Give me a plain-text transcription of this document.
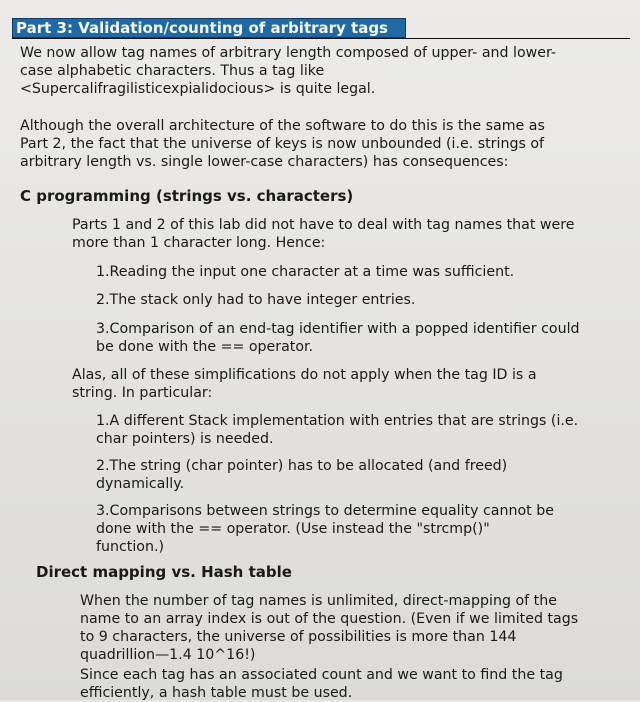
Part 3: Validation/counting of arbitrary tags
We now allow tag names of arbitrary length composed of upper- and lower-
case alphabetic characters. Thus a tag like
<Supercalifragilisticexpialidocious> is quite legal.
Although the overall architecture of the software to do this is the same as
Part 2, the fact that the universe of keys is now unbounded (i.e. strings of
arbitrary length vs. single lower-case characters) has consequences:
C programming (strings vs. characters)
Parts 1 and 2 of this lab did not have to deal with tag names that were
more than 1 character long. Hence:
1.Reading the input one character at a time was sufficient.
2.The stack only had to have integer entries.
3.Comparison of an end-tag identifier with a popped identifier could
be done with the == operator.
Alas, all of these simplifications do not apply when the tag ID is a
string. In particular:
1.A different Stack implementation with entries that are strings (i.e.
char pointers) is needed.
2.The string (char pointer) has to be allocated (and freed)
dynamically.
3.Comparisons between strings to determine equality cannot be
done with the == operator. (Use instead the "strcmp()"
function.)
Direct mapping vs. Hash table
When the number of tag names is unlimited, direct-mapping of the
name to an array index is out of the question. (Even if we limited tags
to 9 characters, the universe of possibilities is more than 144
quadrillion—1.4 10^16!)
Since each tag has an associated count and we want to find the tag
efficiently, a hash table must be used.
